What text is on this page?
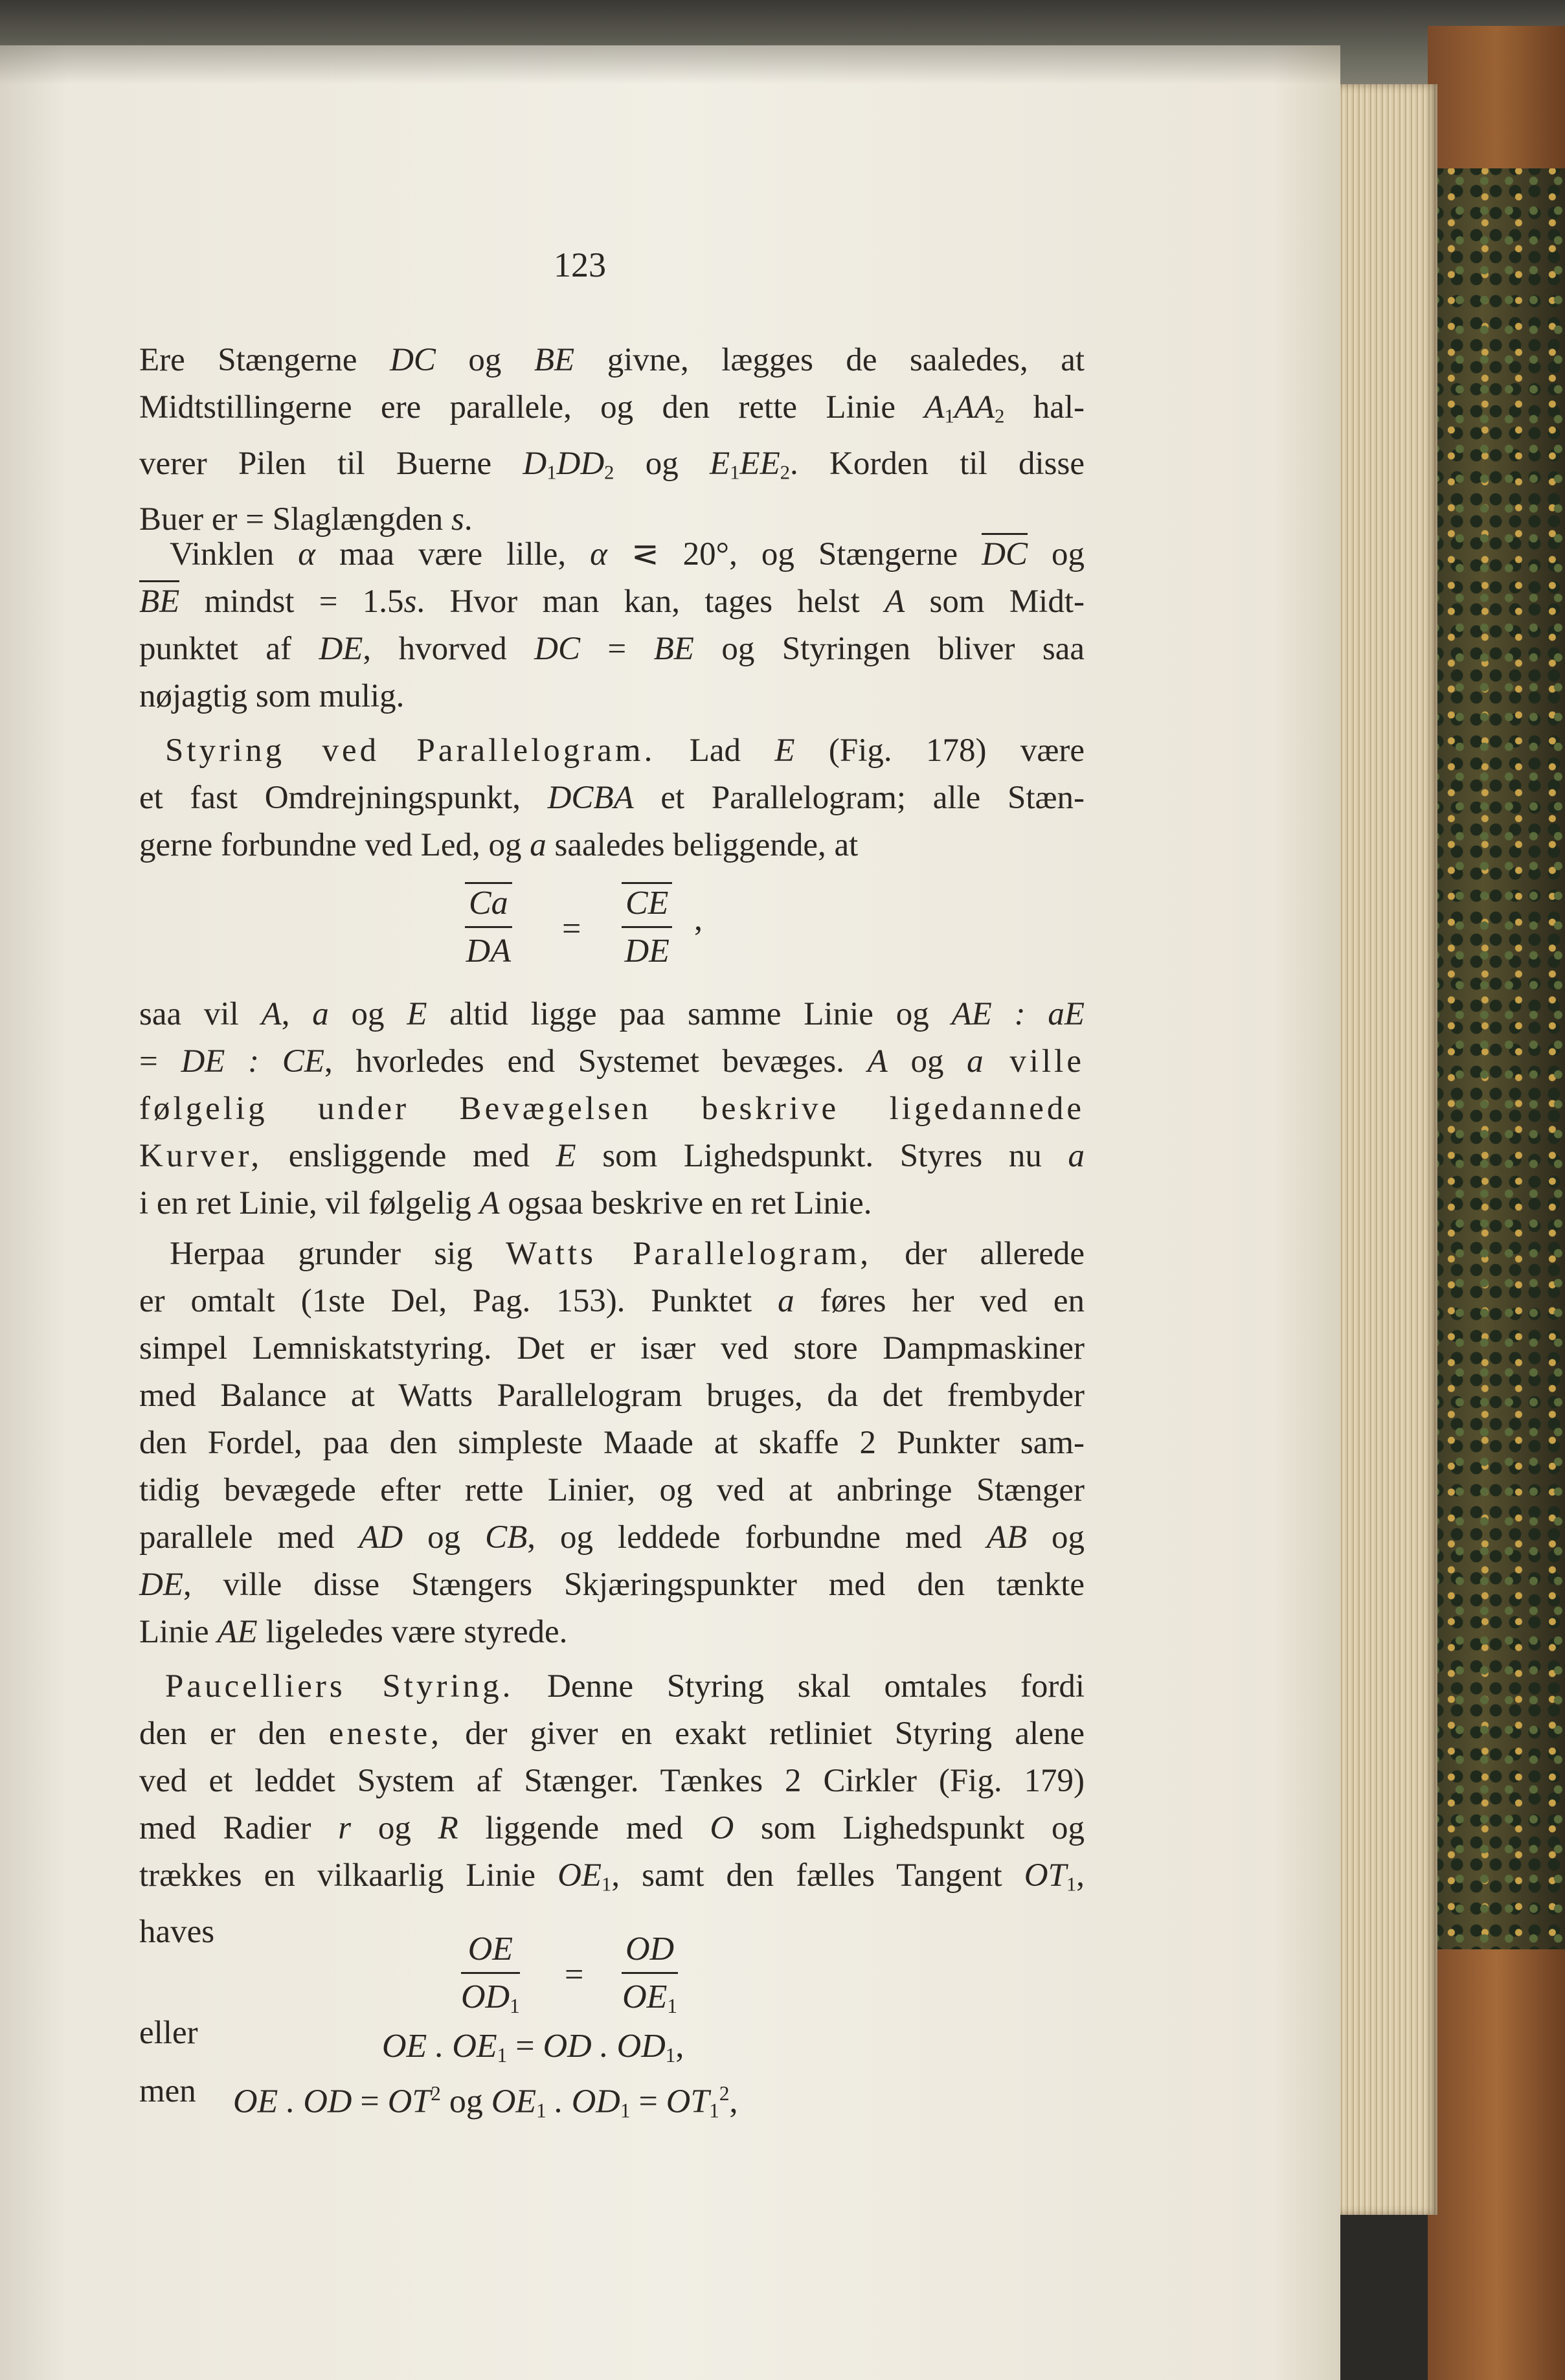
123
Ere Stængerne DC og BE givne, lægges de saaledes, at
Midtstillingerne ere parallele, og den rette Linie $A_1AA_2$ hal-
verer Pilen til Buerne $D_1DD_2$ og $E_1EE_2$. Korden til disse
Buer er = Slaglængden s.
Vinklen α maa være lille, α ⋜ 20°, og Stængerne DC og
BE mindst = 1.5s. Hvor man kan, tages helst A som Midt-
punktet af DE, hvorved DC = BE og Styringen bliver saa
nøjagtig som mulig.
Styring ved Parallelogram. Lad E (Fig. 178) være
et fast Omdrejningspunkt, DCBA et Parallelogram; alle Stæn-
gerne forbundne ved Led, og a saaledes beliggende, at
$\frac{Ca}{DA} = \frac{CE}{DE}$ ,
saa vil A, a og E altid ligge paa samme Linie og AE : aE
= DE : CE, hvorledes end Systemet bevæges. A og a ville
følgelig under Bevægelsen beskrive ligedannede
Kurver, ensliggende med E som Lighedspunkt. Styres nu a
i en ret Linie, vil følgelig A ogsaa beskrive en ret Linie.
Herpaa grunder sig Watts Parallelogram, der allerede
er omtalt (1ste Del, Pag. 153). Punktet a føres her ved en
simpel Lemniskatstyring. Det er især ved store Dampmaskiner
med Balance at Watts Parallelogram bruges, da det frembyder
den Fordel, paa den simpleste Maade at skaffe 2 Punkter sam-
tidig bevægede efter rette Linier, og ved at anbringe Stænger
parallele med AD og CB, og leddede forbundne med AB og
DE, ville disse Stængers Skjæringspunkter med den tænkte
Linie AE ligeledes være styrede.
Paucelliers Styring. Denne Styring skal omtales fordi
den er den eneste, der giver en exakt retliniet Styring alene
ved et leddet System af Stænger. Tænkes 2 Cirkler (Fig. 179)
med Radier r og R liggende med O som Lighedspunkt og
trækkes en vilkaarlig Linie $OE_1$, samt den fælles Tangent $OT_1$,
haves	$\frac{OE}{OD_1} = \frac{OD}{OE_1}$
eller	OE . $OE_1$ = OD . $OD_1$,
men OE . OD = $OT^2$ og $OE_1$ . $OD_1 = OT_1^2$,
